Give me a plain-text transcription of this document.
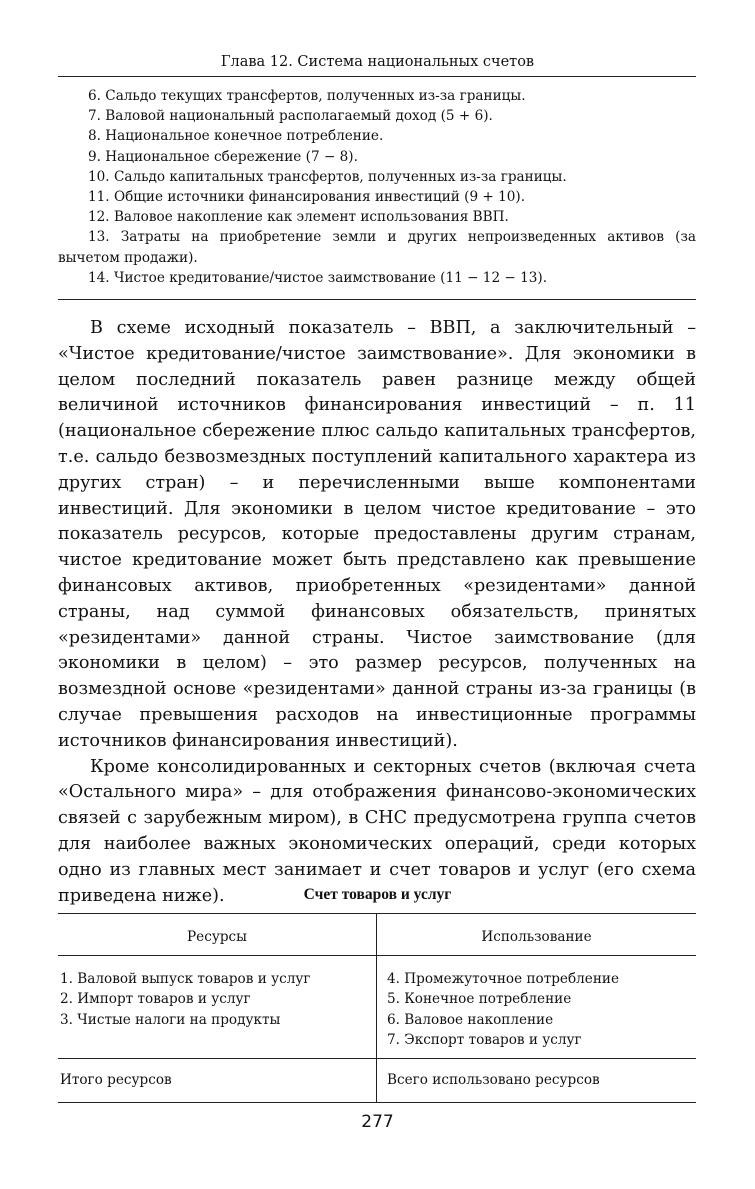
Глава 12. Система национальных счетов
6. Сальдо текущих трансфертов, полученных из-за границы.
7. Валовой национальный располагаемый доход (5 + 6).
8. Национальное конечное потребление.
9. Национальное сбережение (7 − 8).
10. Сальдо капитальных трансфертов, полученных из-за границы.
11. Общие источники финансирования инвестиций (9 + 10).
12. Валовое накопление как элемент использования ВВП.
13. Затраты на приобретение земли и других непроизведенных активов (за вычетом продажи).
14. Чистое кредитование/чистое заимствование (11 − 12 − 13).

В схеме исходный показатель – ВВП, а заключительный – «Чистое кредитование/чистое заимствование». Для экономики в целом последний показатель равен разнице между общей величиной источников финансирования инвестиций – п. 11 (национальное сбережение плюс сальдо капитальных трансфертов, т.е. сальдо безвозмездных поступлений капитального характера из других стран) – и перечисленными выше компонентами инвестиций. Для экономики в целом чистое кредитование – это показатель ресурсов, которые предоставлены другим странам, чистое кредитование может быть представлено как превышение финансовых активов, приобретенных «резидентами» данной страны, над суммой финансовых обязательств, принятых «резидентами» данной страны. Чистое заимствование (для экономики в целом) – это размер ресурсов, полученных на возмездной основе «резидентами» данной страны из-за границы (в случае превышения расходов на инвестиционные программы источников финансирования инвестиций).

Кроме консолидированных и секторных счетов (включая счета «Остального мира» – для отображения финансово-экономических связей с зарубежным миром), в СНС предусмотрена группа счетов для наиболее важных экономических операций, среди которых одно из главных мест занимает и счет товаров и услуг (его схема приведена ниже).	Счет товаров и услуг
Ресурсы
1. Валовой выпуск товаров и услуг
2. Импорт товаров и услуг
3. Чистые налоги на продукты
Итого ресурсов
Использование
4. Промежуточное потребление
5. Конечное потребление
6. Валовое накопление
7. Экспорт товаров и услуг
Всего использовано ресурсов
277
